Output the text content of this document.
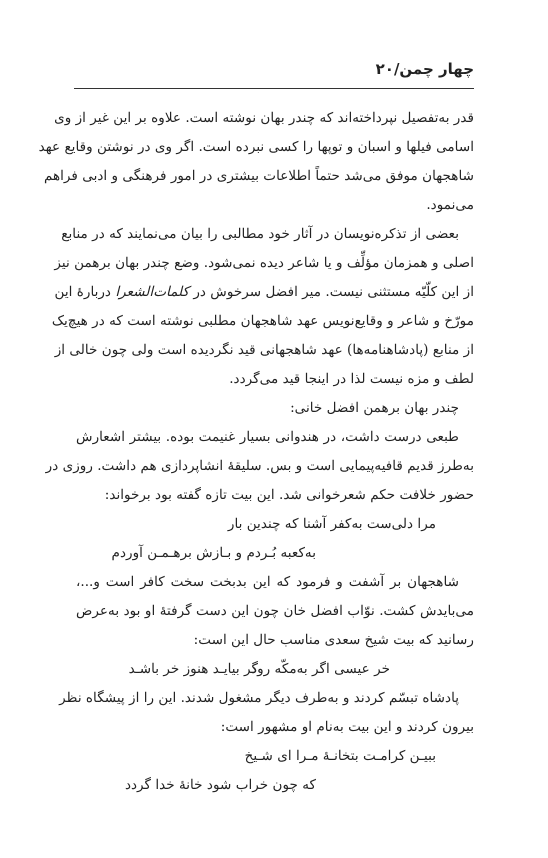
چهار چمن/۲۰
قدر به‌تفصیل نپرداخته‌اند که چندر بهان نوشته است. علاوه بر این غیر از وی
اسامی فیلها و اسبان و توپها را کسی نبرده است. اگر وی در نوشتن وقایع عهد
شاهجهان موفق می‌شد حتماً اطلاعات بیشتری در امور فرهنگی و ادبی فراهم
می‌نمود.
بعضی از تذکره‌نویسان در آثار خود مطالبی را بیان می‌نمایند که در منابع
اصلی و همزمان مؤلِّف و یا شاعر دیده نمی‌شود. وضع چندر بهان برهمن نیز
از این کلّیّه مستثنی نیست. میر افضل سرخوش در کلمات‌الشعرا دربارهٔ این
مورّخ و شاعر و وقایع‌نویس عهد شاهجهان مطلبی نوشته است که در هیچ‌یک
از منابع (پادشاهنامه‌ها) عهد شاهجهانی قید نگردیده است ولی چون خالی از
لطف و مزه نیست لذا در اینجا قید می‌گردد.
چندر بهان برهمن افضل خانی:
طبعی درست داشت، در هندوانی بسیار غنیمت بوده. بیشتر اشعارش
به‌طرز قدیم قافیه‌پیمایی است و بس. سلیقهٔ انشاپردازی هم داشت. روزی در
حضور خلافت حکم شعرخوانی شد. این بیت تازه گفته بود برخواند:
مرا دلی‌ست به‌کفر آشنا که چندین بار
به‌کعبه بُـردم و بـازش برهـمـن آوردم
شاهجهان بر آشفت و فرمود که این بدبخت سخت کافر است و...،
می‌بایدش کشت. نوّاب افضل خان چون این دست گرفتهٔ او بود به‌عرض
رسانید که بیت شیخ سعدی مناسب حال این است:
خر عیسی اگر به‌مکّه رود
گر بیایـد هنوز خر باشـد
پادشاه تبسّم کردند و به‌طرف دیگر مشغول شدند. این را از پیشگاه نظر
بیرون کردند و این بیت به‌نام او مشهور است:
ببیـن کرامـت بتخانـهٔ مـرا ای شـیخ
که چون خراب شود خانهٔ خدا گردد
